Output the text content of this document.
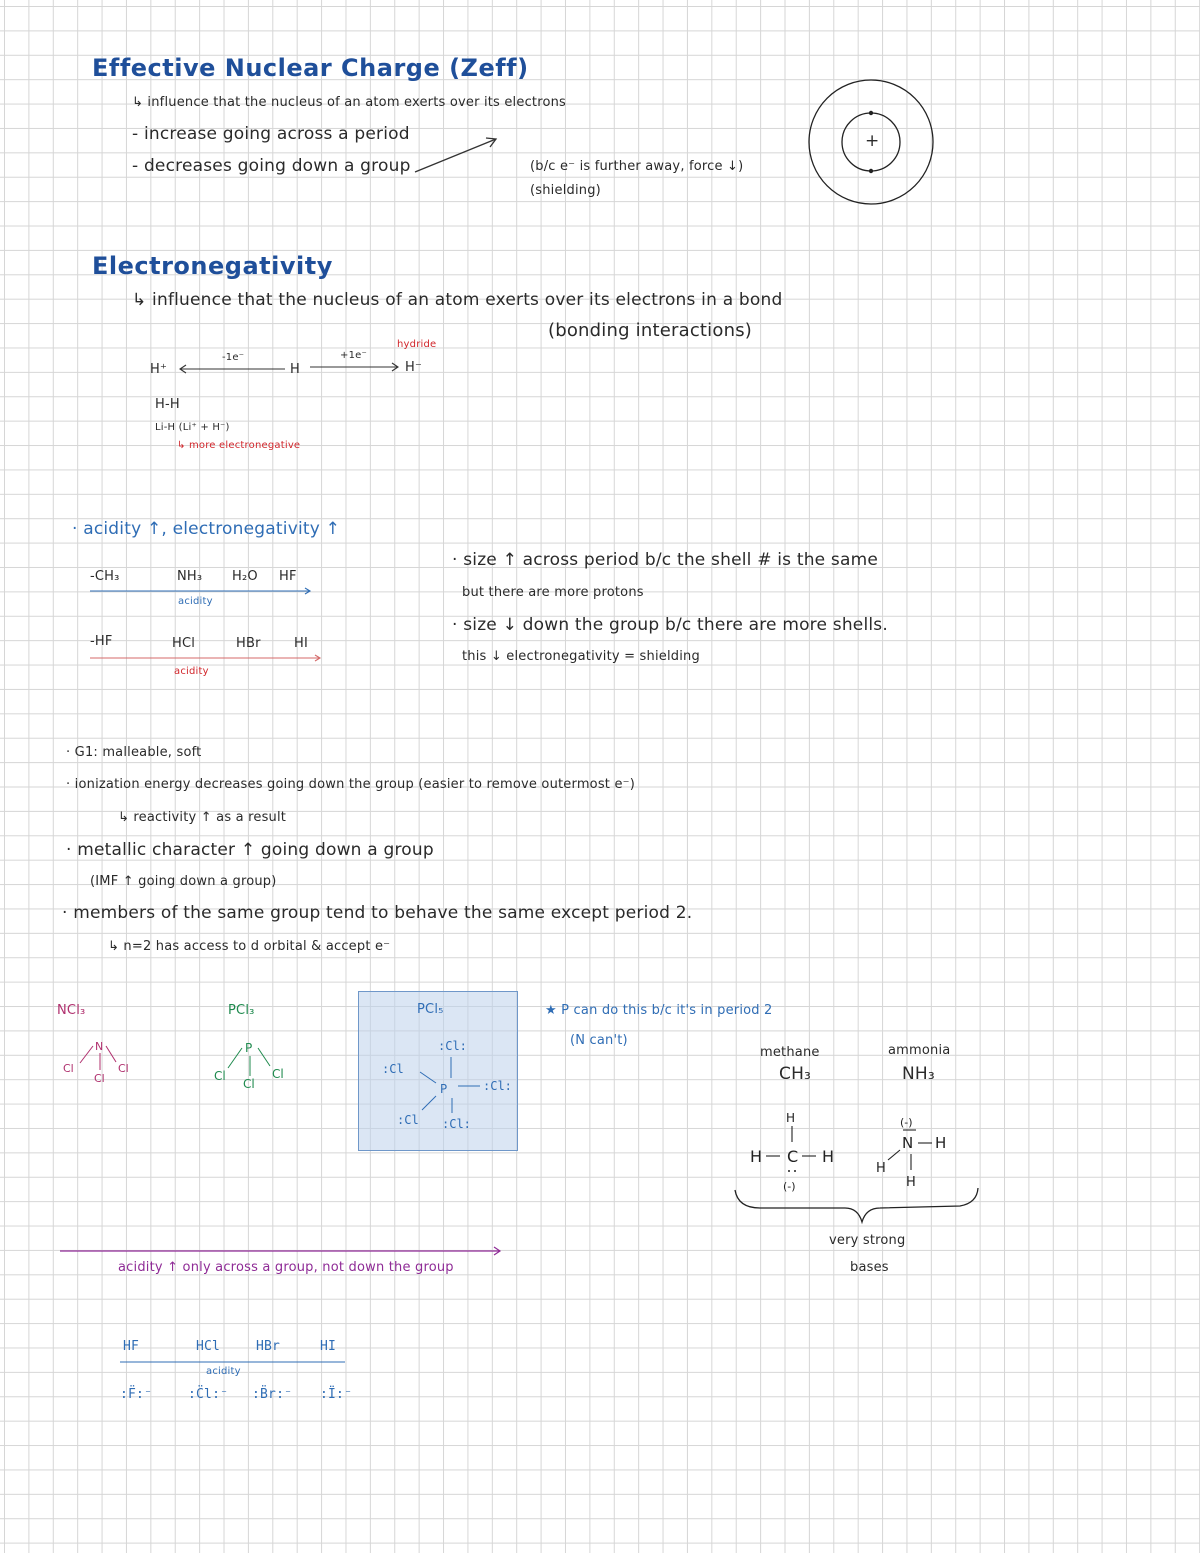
Effective Nuclear Charge (Zeff)
↳ influence that the nucleus of an atom exerts over its electrons
- increase going across a period
- decreases going down a group	(b/c e⁻ is further away, force ↓)
(shielding)
+
Electronegativity
↳ influence that the nucleus of an atom exerts over its electrons in a bond
(bonding interactions)
H⁺
-1e⁻
H
+1e⁻
hydride
H⁻
H-H
Li-H (Li⁺ + H⁻)
↳ more electronegative
· acidity ↑, electronegativity ↑
-CH₃	NH₃ H₂O HF
acidity
-HF	HCl	HBr	HI
acidity
· size ↑ across period b/c the shell # is the same
but there are more protons
· size ↓ down the group b/c there are more shells.
this ↓ electronegativity = shielding
· G1: malleable, soft
· ionization energy decreases going down the group (easier to remove outermost e⁻)
↳ reactivity ↑ as a result
· metallic character ↑ going down a group
(IMF ↑ going down a group)
· members of the same group tend to behave the same except period 2.
↳ n=2 has access to d orbital & accept e⁻
NCl₃
N
Cl
Cl
Cl
PCl₃
P
Cl
Cl
Cl
PCl₅
:Cl:
:Cl
P	:Cl:
:Cl :Cl:
★ P can do this b/c it's in period 2
(N can't)
methane
CH₃
ammonia
NH₃
H
H C H
(-)
(-)
N H
H
H
very strong
bases
acidity ↑ only across a group, not down the group
HF	HCl	HBr	HI
acidity
:F̈:⁻	:C̈l:⁻ :B̈r:⁻ :Ï:⁻
